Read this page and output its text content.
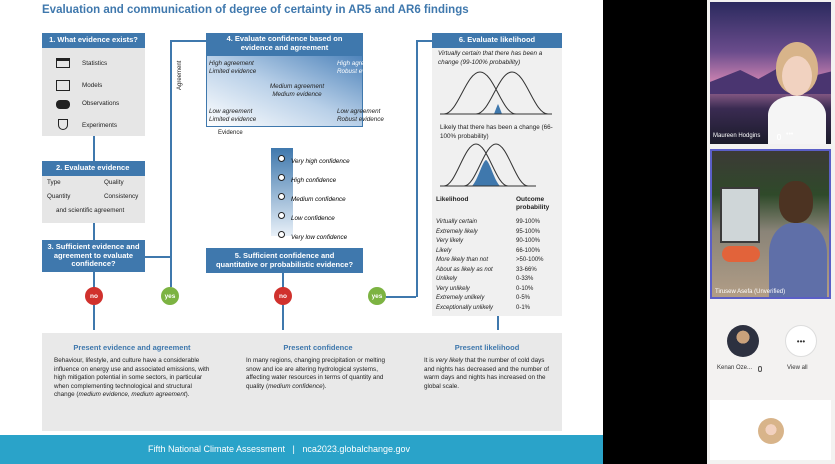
Evaluation and communication of degree of certainty in AR5 and AR6 findings
1. What evidence exists?
Statistics
Models
Observations
Experiments
2. Evaluate evidence
Type	Quality
Quantity	Consistency
and scientific agreement
3. Sufficient evidence and agreement to evaluate confidence?
no	yes
4. Evaluate confidence based on evidence and agreement
High agreement Limited evidence
High agreement Robust evidence
Medium agreement Medium evidence
Low agreement Limited evidence
Low agreement Robust evidence
Agreement
Evidence
Very high confidence
High confidence
Medium confidence
Low confidence
Very low confidence
5. Sufficient confidence and quantitative or probabilistic evidence?
no	yes
6. Evaluate likelihood
Virtually certain that there has been a change (99-100% probability)
Likely that there has been a change (66-100% probability)
Likelihood	Outcome probability
Virtually certain	99-100%
Extremely likely	95-100%
Very likely	90-100%
Likely	66-100%
More likely than not	>50-100%
About as likely as not	33-66%
Unlikely	0-33%
Very unlikely	0-10%
Extremely unlikely	0-5%
Exceptionally unlikely	0-1%
Present evidence and agreement
Behaviour, lifestyle, and culture have a considerable influence on energy use and associated emissions, with high mitigation potential in some sectors, in particular when complementing technological and structural change (medium evidence, medium agreement).
Present confidence
In many regions, changing precipitation or melting snow and ice are altering hydrological systems, affecting water resources in terms of quantity and quality (medium confidence).
Present likelihood
It is very likely that the number of cold days and nights has decreased and the number of warm days and nights has increased on the global scale.
Fifth National Climate Assessment   |   nca2023.globalchange.gov
Maureen Hodgins	•••
Tirusew Asefa (Unverified)
Kenan Oze...
•••
View all
